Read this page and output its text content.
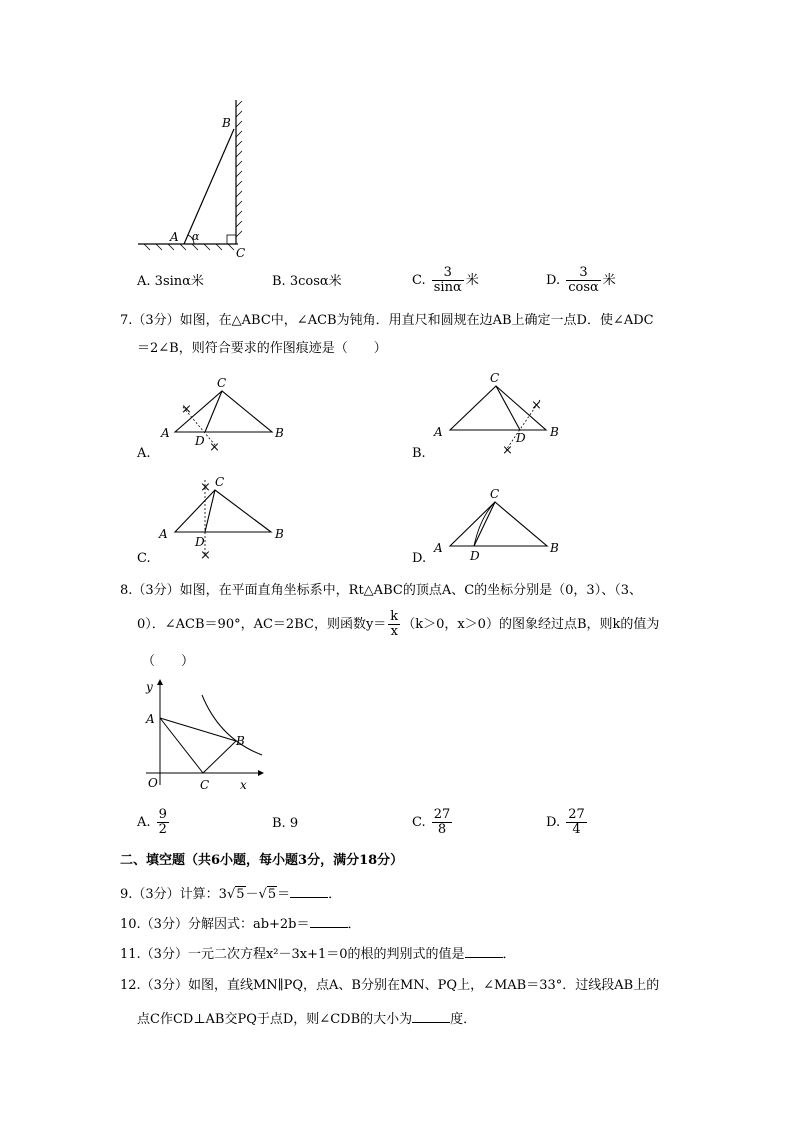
B
A α
C
A. 3sinα米	B. 3cosα米	C. $\frac{3}{\sin\alpha}$ 米	D. $\frac{3}{\cos\alpha}$ 米
7.（3分）如图，在△ABC中，∠ACB为钝角．用直尺和圆规在边AB上确定一点D．使∠ADC
＝2∠B，则符合要求的作图痕迹是（　　）
×
×
A
C
B
D
A.
×
×
A
C
B
D
B.
×
×
A
C
B
D
C.
A
C
B
D
D.
8.（3分）如图，在平面直角坐标系中，Rt△ABC的顶点A、C的坐标分别是（0，3）、（3、
0）．∠ACB＝90°，AC＝2BC，则函数$y= \frac{k}{x} (k>0$，x＞0）的图象经过点B，则k的值为
（　　）
y
A
B
O	C	x
A. $\frac{9}{2}$	B. 9	C. $\frac{27}{8}$	D. $\frac{27}{4}$
二、填空题（共6小题，每小题3分，满分18分）
9.（3分）计算：3√5－√5＝	．
10.（3分）分解因式：ab+2b＝	．
11.（3分）一元二次方程x²－3x+1＝0的根的判别式的值是	．
12.（3分）如图，直线MN∥PQ，点A、B分别在MN、PQ上，∠MAB＝33°．过线段AB上的
点C作CD⊥AB交PQ于点D，则∠CDB的大小为	度．
